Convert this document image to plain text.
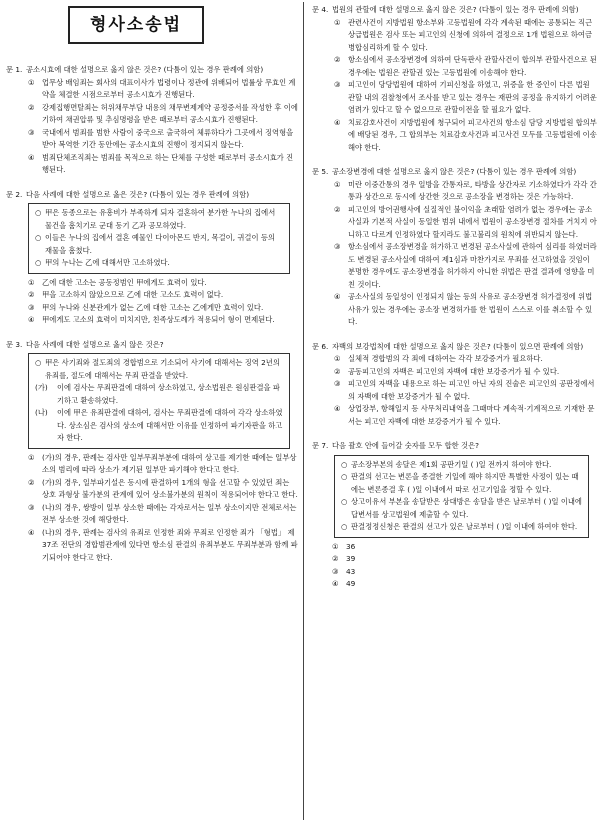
형사소송법

문 1. 공소시효에 대한 설명으로 옳지 않은 것은? (다툼이 있는 경우 판례에 의함)

① 업무상 배임죄는 회사의 대표이사가 법령이나 정관에 위배되어 법률상 무효인 계약을 체결한 시점으로부터 공소시효가 진행된다.

② 강제집행면탈죄는 허위채무부담 내용의 채무변제계약 공정증서를 작성한 후 이에 기하여 채권압류 및 추심명령을 받은 때로부터 공소시효가 진행된다.

③ 국내에서 범죄를 범한 사람이 중국으로 출국하여 체류하다가 그곳에서 징역형을 받아 복역한 기간 동안에는 공소시효의 진행이 정지되지 않는다.

④ 범죄단체조직죄는 범죄를 목적으로 하는 단체를 구성한 때로부터 공소시효가 진행된다.

문 2. 다음 사례에 대한 설명으로 옳은 것은? (다툼이 있는 경우 판례에 의함)

○ 甲은 동종으로는 유흥비가 부족하게 되자 결혼하여 분가한 누나의 집에서 물건을 훔치기로 군대 동기 乙과 공모하였다.

○ 이들은 누나의 집에서 결혼 예물인 다이아몬드 반지, 목걸이, 귀걸이 등의 재물을 훔쳤다.

○ 甲의 누나는 乙에 대해서만 고소하였다.

① 乙에 대한 고소는 공동정범인 甲에게도 효력이 있다.

② 甲을 고소하지 않았으므로 乙에 대한 고소도 효력이 없다.

③ 甲의 누나와 신분관계가 없는 乙에 대한 고소는 乙에게만 효력이 있다.

④ 甲에게도 고소의 효력이 미치지만, 친족상도례가 적용되어 형이 면제된다.

문 3. 다음 사례에 대한 설명으로 옳지 않은 것은?

○ 甲은 사기죄와 절도죄의 경합범으로 기소되어 사기에 대해서는 징역 2년의 유죄를, 절도에 대해서는 무죄 판결을 받았다.

(가) 이에 검사는 무죄판결에 대하여 상소하였고, 상소법원은 원심판결을 파기하고 환송하였다.

(나) 이에 甲은 유죄판결에 대하여, 검사는 무죄판결에 대하여 각각 상소하였다. 상소심은 검사의 상소에 대해서만 이유를 인정하여 파기자판을 하고자 한다.

① (가)의 경우, 판례는 검사만 일부무죄부분에 대하여 상고를 제기한 때에는 일부상소의 범리에 따라 상소가 제기된 일부만 파기해야 한다고 한다.

② (가)의 경우, 일부파기설은 동시에 판결하여 1개의 형을 선고할 수 있었던 죄는 상호 과형상 불가분의 관계에 있어 상소불가분의 원칙이 적용되어야 한다고 한다.

③ (나)의 경우, 쌍방이 일부 상소한 때에는 각자로서는 일부 상소이지만 전체로서는 전부 상소한 것에 해당한다.

④ (나)의 경우, 판례는 검사의 유죄로 인정한 죄와 무죄로 인정한 죄가 「형법」 제37조 전단의 경합범관계에 있다면 항소심 판결의 유죄부분도 무죄부분과 함께 파기되어야 한다고 한다.

문 4. 법원의 관할에 대한 설명으로 옳지 않은 것은? (다툼이 있는 경우 판례에 의함)

① 관련사건이 지방법원 항소부와 고등법원에 각각 계속된 때에는 공통되는 직근상급법원은 검사 또는 피고인의 신청에 의하여 결정으로 1개 법원으로 하여금 병합심리하게 할 수 있다.

② 항소심에서 공소장변경에 의하여 단독판사 관할사건이 합의부 관할사건으로 된 경우에는 법원은 관할권 있는 고등법원에 이송해야 한다.

③ 피고인이 당당법원에 대하여 기피신청을 하였고, 위증을 한 증인이 다른 법원 관할 내의 검찰청에서 조사를 받고 있는 경우는 재판의 공정을 유지하기 어려운 염려가 있다고 할 수 없으므로 관할이전을 할 필요가 없다.

④ 치료감호사건이 지방법원에 청구되어 피고사건의 항소심 담당 지방법원 합의부에 배당된 경우, 그 합의부는 치료감호사건과 피고사건 모두를 고등법원에 이송해야 한다.

문 5. 공소장변경에 대한 설명으로 옳지 않은 것은? (다툼이 있는 경우 판례에 의함)

① 미란 이중간통의 경우 일방을 간통자로, 타방을 상간자로 기소하였다가 각각 간통과 상간으로 동시에 상간한 것으로 공소장을 변경하는 것은 가능하다.

② 피고인의 방어권행사에 실질적인 불이익을 초래할 염려가 없는 경우에는 공소사실과 기본적 사실이 동일한 범위 내에서 법원이 공소장변경 절차를 거치지 아니하고 다르게 인정하였다 할지라도 불고불리의 원칙에 위반되지 않는다.

③ 항소심에서 공소장변경을 허가하고 변경된 공소사실에 관하여 심리를 하였더라도 변경된 공소사실에 대하여 제1심과 마찬가지로 무죄를 선고하였을 것임이 분명한 경우에도 공소장변경을 허가하지 아니한 위법은 판결 결과에 영향을 미친 것이다.

④ 공소사실의 동일성이 인정되지 않는 등의 사유로 공소장변경 허가결정에 위법사유가 있는 경우에는 공소장 변경허가를 한 법원이 스스로 이를 취소할 수 있다.

문 6. 자백의 보강법칙에 대한 설명으로 옳지 않은 것은? (다툼이 있으면 판례에 의함)

① 실체적 경합범의 각 죄에 대하여는 각각 보강증거가 필요하다.

② 공동피고인의 자백은 피고인의 자백에 대한 보강증거가 될 수 있다.

③ 피고인의 자백을 내용으로 하는 피고인 아닌 자의 진술은 피고인의 공판정에서의 자백에 대한 보강증거가 될 수 없다.

④ 상업장부, 항해일지 등 사무처리내역을 그때마다 계속적·기계적으로 기재한 문서는 피고인 자백에 대한 보강증거가 될 수 있다.

문 7. 다음 괄호 안에 들어갈 숫자를 모두 합한 것은?

○ 공소장부본의 송달은 제1회 공판기일 ( )일 전까지 하여야 한다.

○ 판결의 선고는 변론을 종결한 기일에 해야 하지만 특별한 사정이 있는 때에는 변론종결 후 ( )일 이내에서 따로 선고기일을 정할 수 있다.

○ 상고이유서 부본을 송달받은 상대방은 송달을 받은 날로부터 ( )일 이내에 답변서를 상고법원에 제출할 수 있다.

○ 판결정정신청은 판결의 선고가 있은 날로부터 ( )일 이내에 하여야 한다.

① 36
② 39
③ 43
④ 49
